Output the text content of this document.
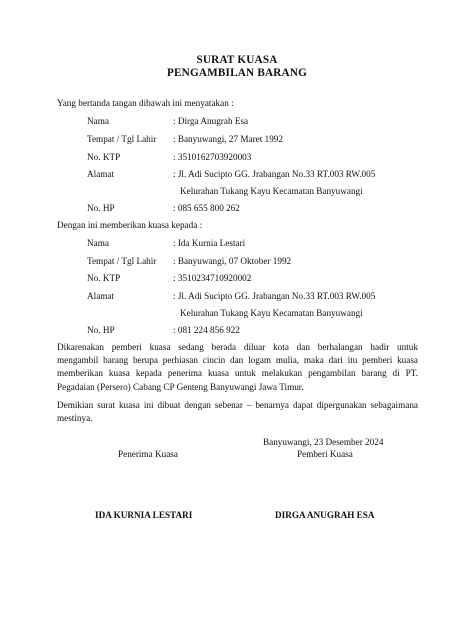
SURAT KUASA
PENGAMBILAN BARANG
Yang bertanda tangan dibawah ini menyatakan :
Nama	: Dirga Anugrah Esa
Tempat / Tgl Lahir : Banyuwangi, 27 Maret 1992
No. KTP	: 3510162703920003
Alamat	: Jl. Adi Sucipto GG. Jrabangan No.33 RT.003 RW.005
Kelurahan Tukang Kayu Kecamatan Banyuwangi
No. HP	: 085 655 800 262
Dengan ini memberikan kuasa kepada :
Nama	: Ida Kurnia Lestari
Tempat / Tgl Lahir : Banyuwangi, 07 Oktober 1992
No. KTP	: 3510234710920002
Alamat	: Jl. Adi Sucipto GG. Jrabangan No.33 RT.003 RW.005
Kelurahan Tukang Kayu Kecamatan Banyuwangi
No. HP	: 081 224 856 922
Dikarenakan pemberi kuasa sedang berada diluar kota dan berhalangan hadir untuk
mengambil barang berupa perhiasan cincin dan logam mulia, maka dari itu pemberi kuasa
memberikan kuasa kepada penerima kuasa untuk melakukan pengambilan barang di PT.
Pegadaian (Persero) Cabang CP Genteng Banyuwangi Jawa Timur.
Demikian surat kuasa ini dibuat dengan sebenar – benarnya dapat dipergunakan sebagaimana
mestinya.
Banyuwangi, 23 Desember 2024
Penerima Kuasa	Pemberi Kuasa
IDA KURNIA LESTARI	DIRGA ANUGRAH ESA
